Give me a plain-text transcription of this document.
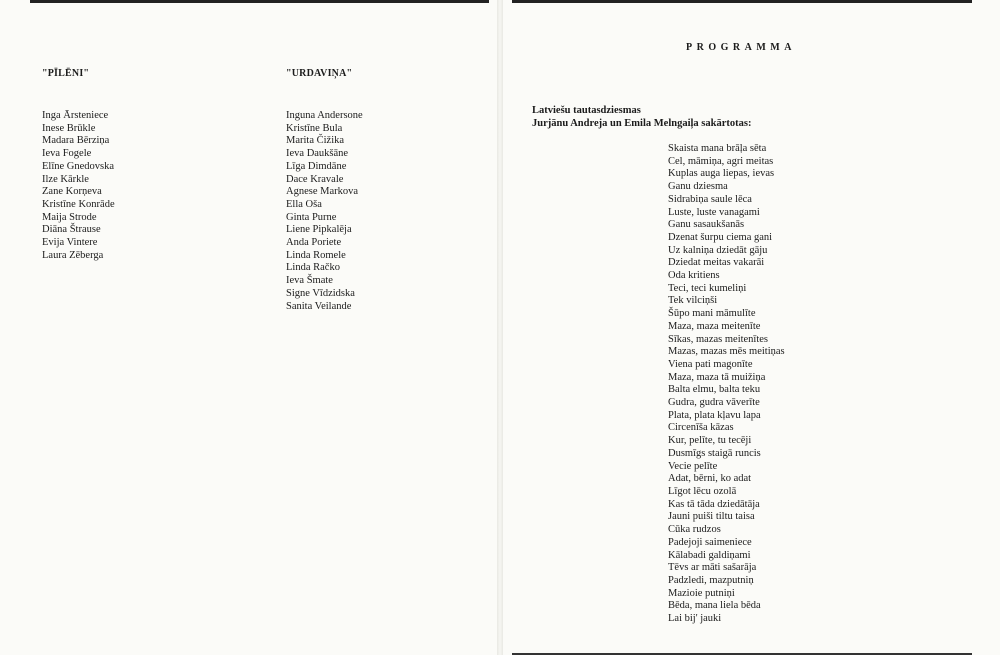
"PĪLĒNI"
Inga Ārsteniece
Inese Brūkle
Madara Bērziņa
Ieva Fogele
Elīne Gnedovska
Ilze Kārkle
Zane Korņeva
Kristīne Konrāde
Maija Strode
Diāna Štrause
Evija Vintere
Laura Zēberga
"URDAVIŅA"
Inguna Andersone
Kristīne Bula
Marita Čižika
Ieva Daukšāne
Līga Dimdāne
Dace Kravale
Agnese Markova
Ella Oša
Ginta Purne
Liene Pipkalēja
Anda Poriete
Linda Romele
Linda Račko
Ieva Šmate
Signe Vīdzidska
Sanita Veilande
PROGRAMMA
Latviešu tautasdziesmas
Jurjānu Andreja un Emila Melngaiļa sakārtotas:
Skaista mana brāļa sēta
Cel, māmiņa, agri meitas
Kuplas auga liepas, ievas
Ganu dziesma
Sidrabiņa saule lēca
Luste, luste vanagami
Ganu sasaukšanās
Dzenat šurpu ciema gani
Uz kalniņa dziedāt gāju
Dziedat meitas vakarāi
Oda kritiens
Teci, teci kumeliņi
Tek vilciņši
Šūpo mani māmulīte
Maza, maza meitenīte
Sīkas, mazas meitenītes
Mazas, mazas mēs meitiņas
Viena pati magonīte
Maza, maza tā muižiņa
Balta elmu, balta teku
Gudra, gudra vāverīte
Plata, plata kļavu lapa
Circenīša kāzas
Kur, pelīte, tu tecēji
Dusmīgs staigā runcis
Vecie pelīte
Adat, bērni, ko adat
Līgot lēcu ozolā
Kas tā tāda dziedātāja
Jauni puiši tiltu taisa
Cūka rudzos
Padejoji saimeniece
Kālabadi galdiņami
Tēvs ar māti sašarāja
Padzledi, mazputniņ
Mazioie putniņi
Bēda, mana liela bēda
Lai bij' jauki
